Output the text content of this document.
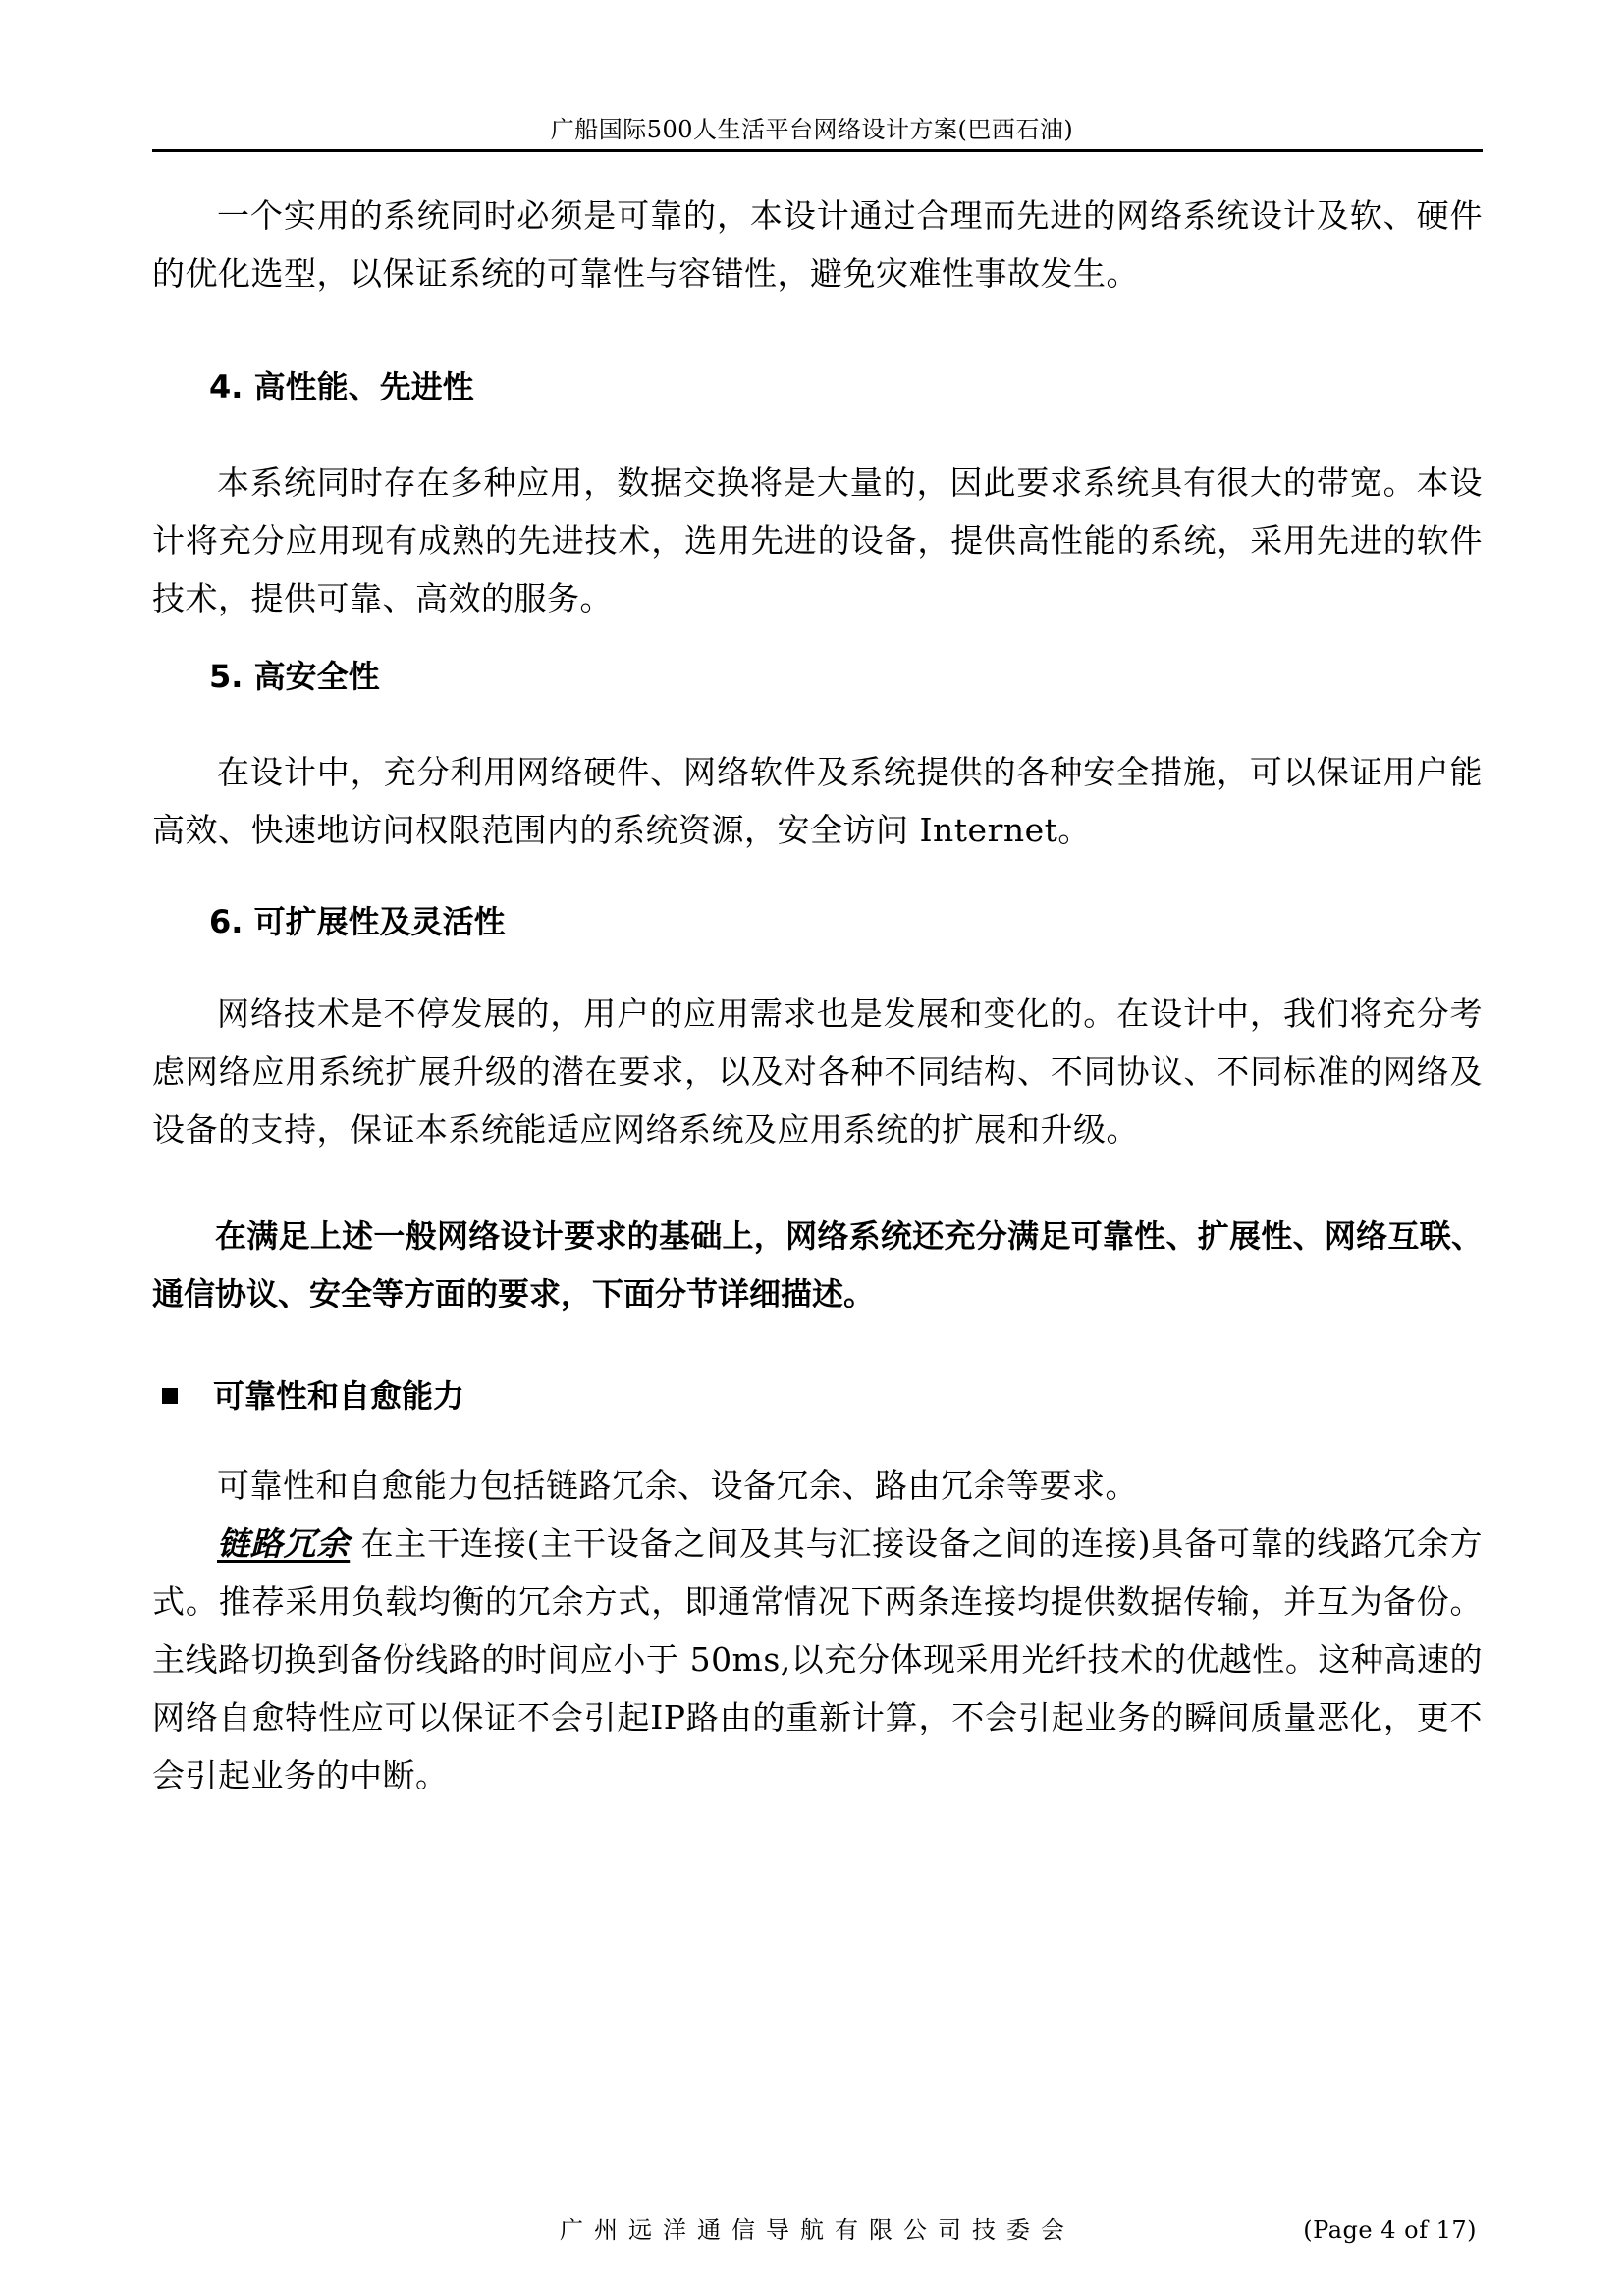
广船国际500人生活平台网络设计方案(巴西石油)

一个实用的系统同时必须是可靠的，本设计通过合理而先进的网络系统设计及软、硬件的优化选型，以保证系统的可靠性与容错性，避免灾难性事故发生。

4. 高性能、先进性

本系统同时存在多种应用，数据交换将是大量的，因此要求系统具有很大的带宽。本设计将充分应用现有成熟的先进技术，选用先进的设备，提供高性能的系统，采用先进的软件技术，提供可靠、高效的服务。

5. 高安全性

在设计中，充分利用网络硬件、网络软件及系统提供的各种安全措施，可以保证用户能高效、快速地访问权限范围内的系统资源，安全访问 Internet。

6. 可扩展性及灵活性

网络技术是不停发展的，用户的应用需求也是发展和变化的。在设计中，我们将充分考虑网络应用系统扩展升级的潜在要求，以及对各种不同结构、不同协议、不同标准的网络及设备的支持，保证本系统能适应网络系统及应用系统的扩展和升级。

在满足上述一般网络设计要求的基础上，网络系统还充分满足可靠性、扩展性、网络互联、通信协议、安全等方面的要求，下面分节详细描述。

可靠性和自愈能力

可靠性和自愈能力包括链路冗余、设备冗余、路由冗余等要求。

链路冗余 在主干连接(主干设备之间及其与汇接设备之间的连接)具备可靠的线路冗余方式。推荐采用负载均衡的冗余方式，即通常情况下两条连接均提供数据传输，并互为备份。主线路切换到备份线路的时间应小于 50ms,以充分体现采用光纤技术的优越性。这种高速的网络自愈特性应可以保证不会引起IP路由的重新计算，不会引起业务的瞬间质量恶化，更不会引起业务的中断。

广州远洋通信导航有限公司技委会	(Page 4 of 17)
